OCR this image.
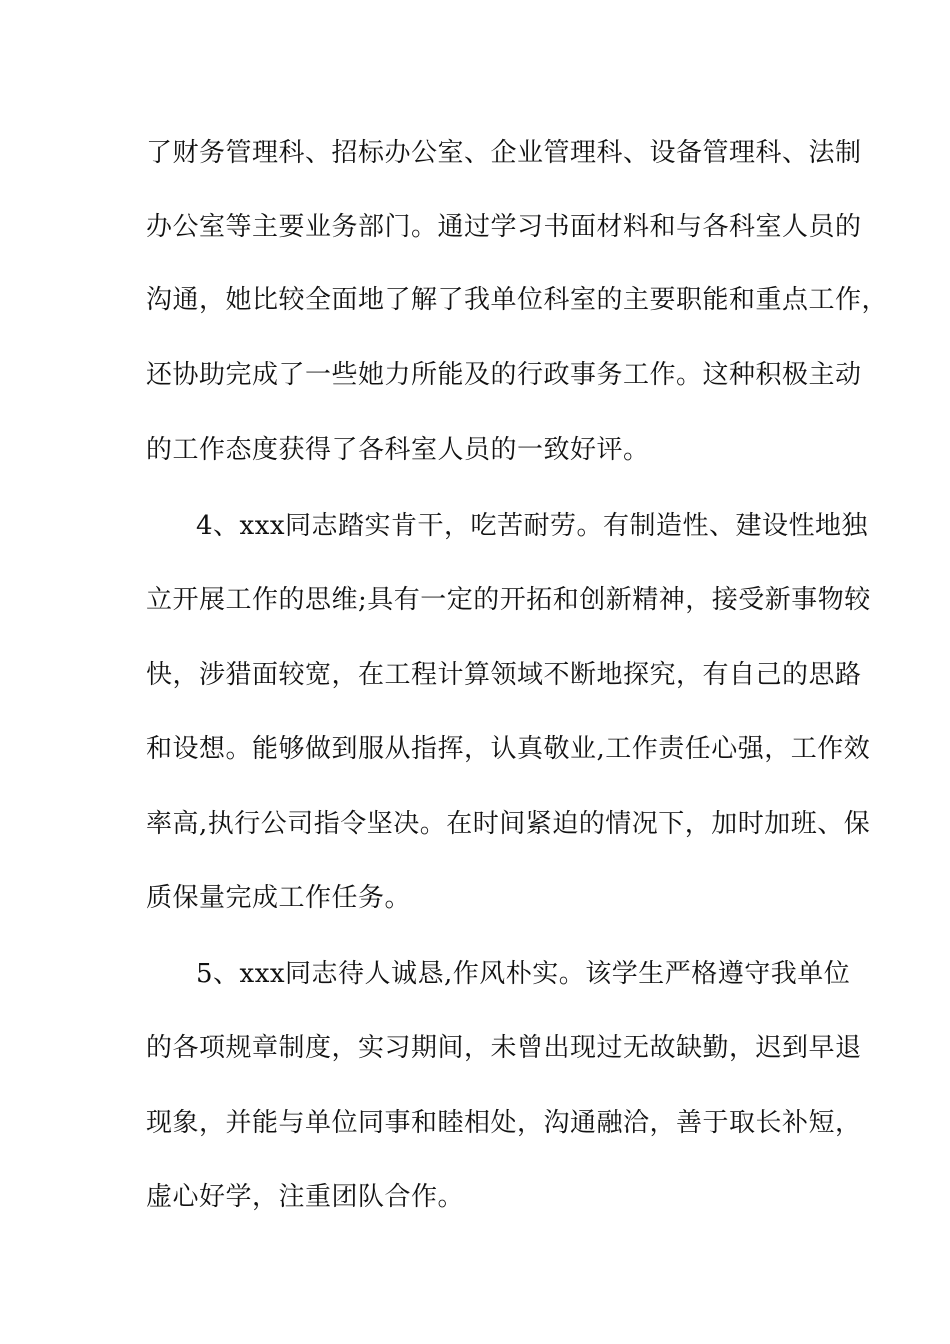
了财务管理科、招标办公室、企业管理科、设备管理科、法制
办公室等主要业务部门。通过学习书面材料和与各科室人员的
沟通，她比较全面地了解了我单位科室的主要职能和重点工作，
还协助完成了一些她力所能及的行政事务工作。这种积极主动
的工作态度获得了各科室人员的一致好评。
4、xxx同志踏实肯干，吃苦耐劳。有制造性、建设性地独
立开展工作的思维;具有一定的开拓和创新精神，接受新事物较
快，涉猎面较宽，在工程计算领域不断地探究，有自己的思路
和设想。能够做到服从指挥，认真敬业,工作责任心强，工作效
率高,执行公司指令坚决。在时间紧迫的情况下，加时加班、保
质保量完成工作任务。
5、xxx同志待人诚恳,作风朴实。该学生严格遵守我单位
的各项规章制度，实习期间，未曾出现过无故缺勤，迟到早退
现象，并能与单位同事和睦相处，沟通融洽，善于取长补短，
虚心好学，注重团队合作。
